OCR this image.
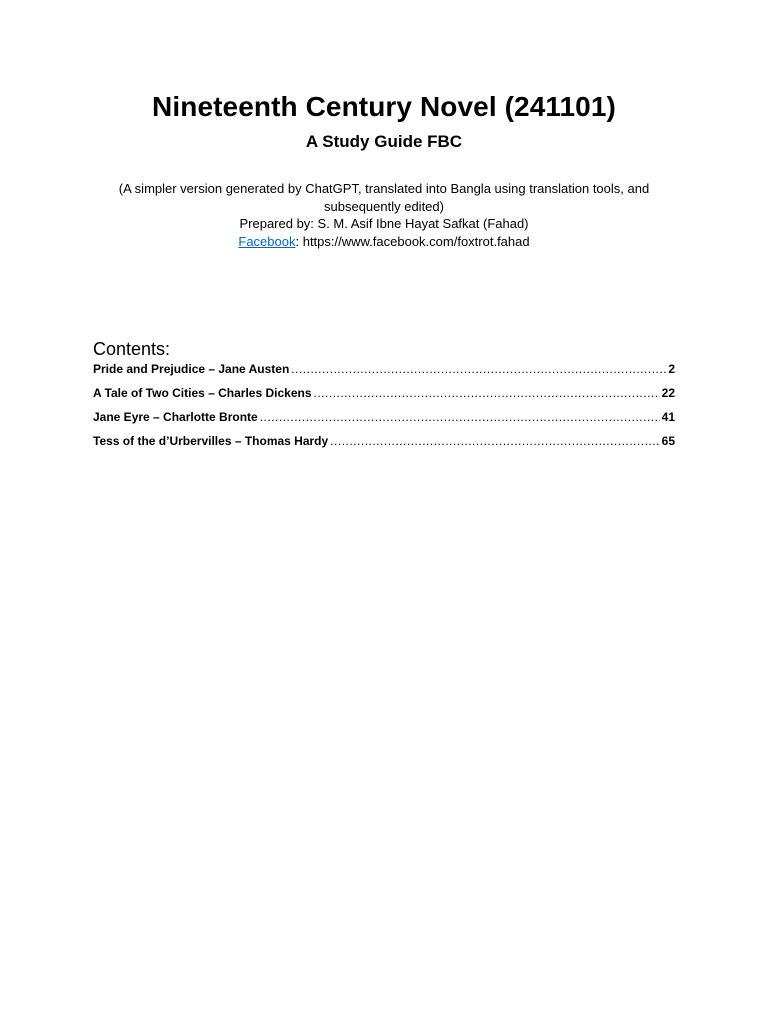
Nineteenth Century Novel (241101)
A Study Guide FBC
(A simpler version generated by ChatGPT, translated into Bangla using translation tools, and
subsequently edited)
Prepared by: S. M. Asif Ibne Hayat Safkat (Fahad)
Facebook: https://www.facebook.com/foxtrot.fahad
Contents:
Pride and Prejudice – Jane Austen .....	2
A Tale of Two Cities – Charles Dickens .....	22
Jane Eyre – Charlotte Bronte .....	41
Tess of the d’Urbervilles – Thomas Hardy .....	65
